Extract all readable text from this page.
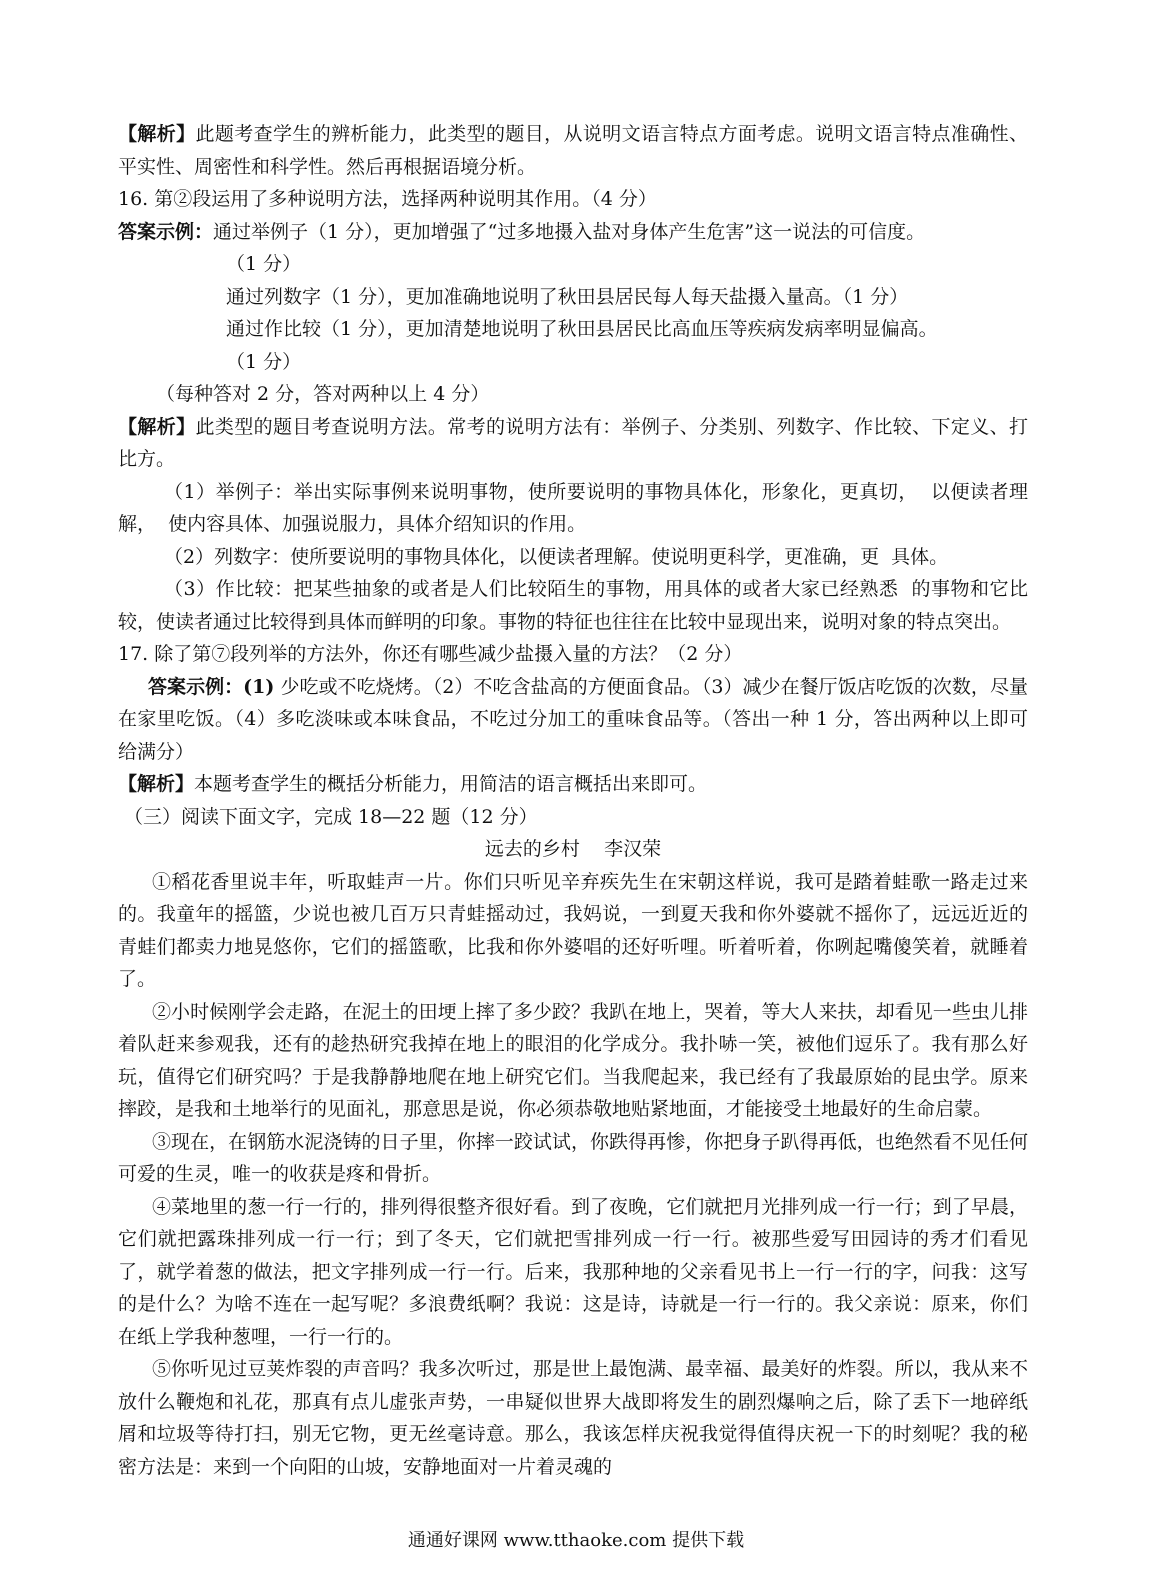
【解析】此题考查学生的辨析能力，此类型的题目，从说明文语言特点方面考虑。说明文语言特点准确性、平实性、周密性和科学性。然后再根据语境分析。

16. 第②段运用了多种说明方法，选择两种说明其作用。（4 分）

答案示例：通过举例子（1 分），更加增强了“过多地摄入盐对身体产生危害”这一说法的可信度。

（1 分）

通过列数字（1 分），更加准确地说明了秋田县居民每人每天盐摄入量高。（1 分）

通过作比较（1 分），更加清楚地说明了秋田县居民比高血压等疾病发病率明显偏高。

（1 分）

（每种答对 2 分，答对两种以上 4 分）

【解析】此类型的题目考查说明方法。常考的说明方法有：举例子、分类别、列数字、作比较、下定义、打比方。

（1）举例子：举出实际事例来说明事物，使所要说明的事物具体化，形象化，更真切，  以便读者理解，  使内容具体、加强说服力，具体介绍知识的作用。

（2）列数字：使所要说明的事物具体化，以便读者理解。使说明更科学，更准确，更  具体。

（3）作比较：把某些抽象的或者是人们比较陌生的事物，用具体的或者大家已经熟悉  的事物和它比较，使读者通过比较得到具体而鲜明的印象。事物的特征也往往在比较中显现出来，说明对象的特点突出。

17. 除了第⑦段列举的方法外，你还有哪些减少盐摄入量的方法？（2 分）

答案示例：(1) 少吃或不吃烧烤。（2）不吃含盐高的方便面食品。（3）减少在餐厅饭店吃饭的次数，尽量在家里吃饭。（4）多吃淡味或本味食品，不吃过分加工的重味食品等。（答出一种 1 分，答出两种以上即可给满分）

【解析】本题考查学生的概括分析能力，用简洁的语言概括出来即可。

（三）阅读下面文字，完成 18—22 题（12 分）

远去的乡村    李汉荣

①稻花香里说丰年，听取蛙声一片。你们只听见辛弃疾先生在宋朝这样说，我可是踏着蛙歌一路走过来的。我童年的摇篮，少说也被几百万只青蛙摇动过，我妈说，一到夏天我和你外婆就不摇你了，远远近近的青蛙们都卖力地晃悠你，它们的摇篮歌，比我和你外婆唱的还好听哩。听着听着，你咧起嘴傻笑着，就睡着了。

②小时候刚学会走路，在泥土的田埂上摔了多少跤？我趴在地上，哭着，等大人来扶，却看见一些虫儿排着队赶来参观我，还有的趁热研究我掉在地上的眼泪的化学成分。我扑哧一笑，被他们逗乐了。我有那么好玩，值得它们研究吗？于是我静静地爬在地上研究它们。当我爬起来，我已经有了我最原始的昆虫学。原来摔跤，是我和土地举行的见面礼，那意思是说，你必须恭敬地贴紧地面，才能接受土地最好的生命启蒙。

③现在，在钢筋水泥浇铸的日子里，你摔一跤试试，你跌得再惨，你把身子趴得再低，也绝然看不见任何可爱的生灵，唯一的收获是疼和骨折。

④菜地里的葱一行一行的，排列得很整齐很好看。到了夜晚，它们就把月光排列成一行一行；到了早晨，它们就把露珠排列成一行一行；到了冬天，它们就把雪排列成一行一行。被那些爱写田园诗的秀才们看见了，就学着葱的做法，把文字排列成一行一行。后来，我那种地的父亲看见书上一行一行的字，问我：这写的是什么？为啥不连在一起写呢？多浪费纸啊？我说：这是诗，诗就是一行一行的。我父亲说：原来，你们在纸上学我种葱哩，一行一行的。

⑤你听见过豆荚炸裂的声音吗？我多次听过，那是世上最饱满、最幸福、最美好的炸裂。所以，我从来不放什么鞭炮和礼花，那真有点儿虚张声势，一串疑似世界大战即将发生的剧烈爆响之后，除了丢下一地碎纸屑和垃圾等待打扫，别无它物，更无丝毫诗意。那么，我该怎样庆祝我觉得值得庆祝一下的时刻呢？我的秘密方法是：来到一个向阳的山坡，安静地面对一片着灵魂的

通通好课网 www.tthaoke.com 提供下载
